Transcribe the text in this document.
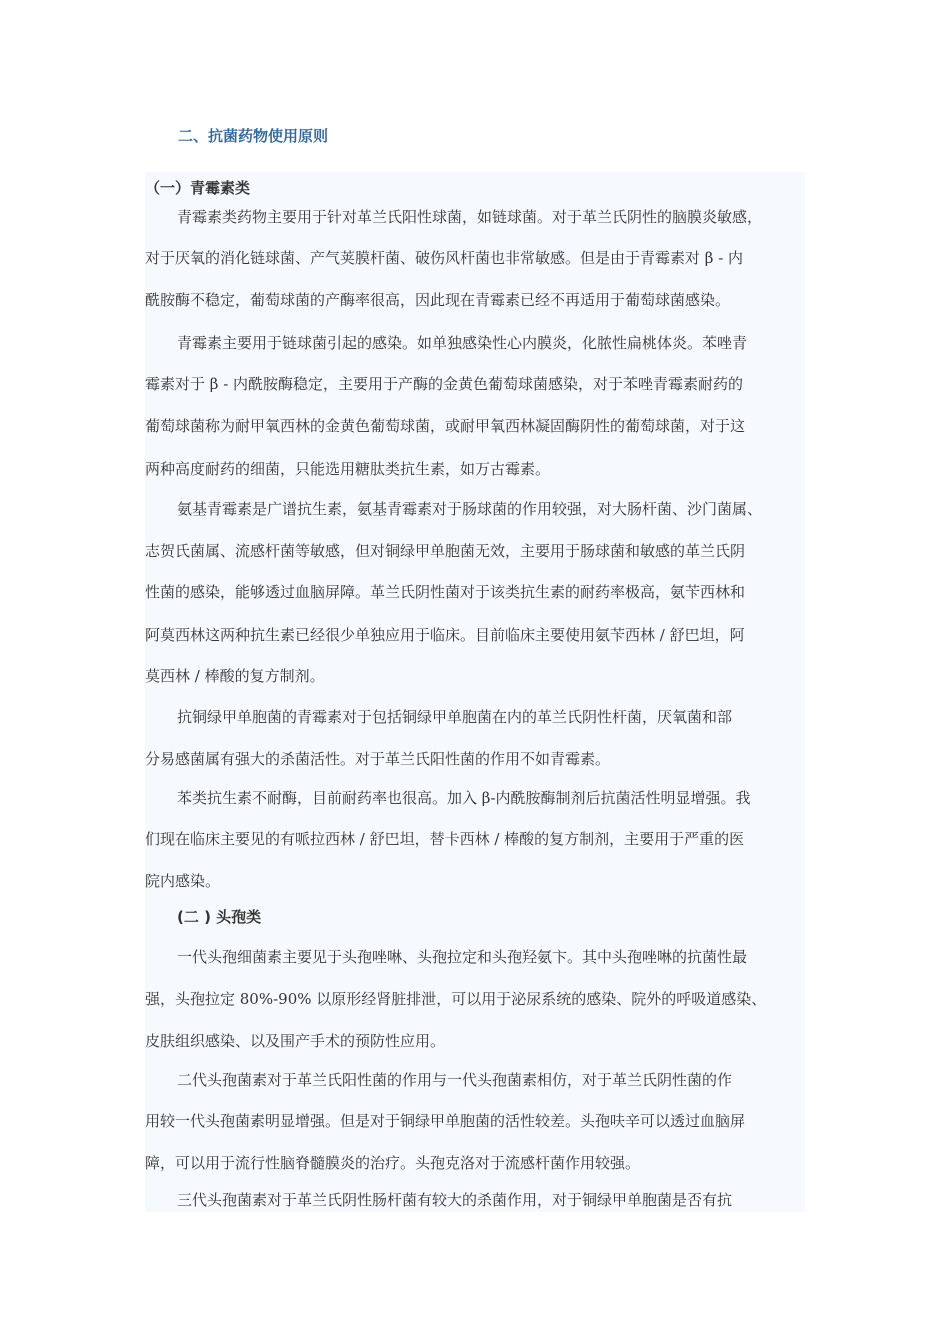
二、抗菌药物使用原则
（一）青霉素类
青霉素类药物主要用于针对革兰氏阳性球菌，如链球菌。对于革兰氏阴性的脑膜炎敏感，
对于厌氧的消化链球菌、产气荚膜杆菌、破伤风杆菌也非常敏感。但是由于青霉素对 β - 内
酰胺酶不稳定，葡萄球菌的产酶率很高，因此现在青霉素已经不再适用于葡萄球菌感染。
青霉素主要用于链球菌引起的感染。如单独感染性心内膜炎，化脓性扁桃体炎。苯唑青
霉素对于 β - 内酰胺酶稳定，主要用于产酶的金黄色葡萄球菌感染，对于苯唑青霉素耐药的
葡萄球菌称为耐甲氧西林的金黄色葡萄球菌，或耐甲氧西林凝固酶阴性的葡萄球菌，对于这
两种高度耐药的细菌，只能选用糖肽类抗生素，如万古霉素。
氨基青霉素是广谱抗生素，氨基青霉素对于肠球菌的作用较强，对大肠杆菌、沙门菌属、
志贺氏菌属、流感杆菌等敏感，但对铜绿甲单胞菌无效，主要用于肠球菌和敏感的革兰氏阴
性菌的感染，能够透过血脑屏障。革兰氏阴性菌对于该类抗生素的耐药率极高，氨苄西林和
阿莫西林这两种抗生素已经很少单独应用于临床。目前临床主要使用氨苄西林 / 舒巴坦，阿
莫西林 / 棒酸的复方制剂。
抗铜绿甲单胞菌的青霉素对于包括铜绿甲单胞菌在内的革兰氏阴性杆菌，厌氧菌和部
分易感菌属有强大的杀菌活性。对于革兰氏阳性菌的作用不如青霉素。
苯类抗生素不耐酶，目前耐药率也很高。加入 β-内酰胺酶制剂后抗菌活性明显增强。我
们现在临床主要见的有哌拉西林 / 舒巴坦，替卡西林 / 棒酸的复方制剂，主要用于严重的医
院内感染。
(二 ) 头孢类
一代头孢细菌素主要见于头孢唑啉、头孢拉定和头孢羟氨卞。其中头孢唑啉的抗菌性最
强，头孢拉定 80%-90% 以原形经肾脏排泄，可以用于泌尿系统的感染、院外的呼吸道感染、
皮肤组织感染、以及围产手术的预防性应用。
二代头孢菌素对于革兰氏阳性菌的作用与一代头孢菌素相仿，对于革兰氏阴性菌的作
用较一代头孢菌素明显增强。但是对于铜绿甲单胞菌的活性较差。头孢呋辛可以透过血脑屏
障，可以用于流行性脑脊髓膜炎的治疗。头孢克洛对于流感杆菌作用较强。
三代头孢菌素对于革兰氏阴性肠杆菌有较大的杀菌作用，对于铜绿甲单胞菌是否有抗
